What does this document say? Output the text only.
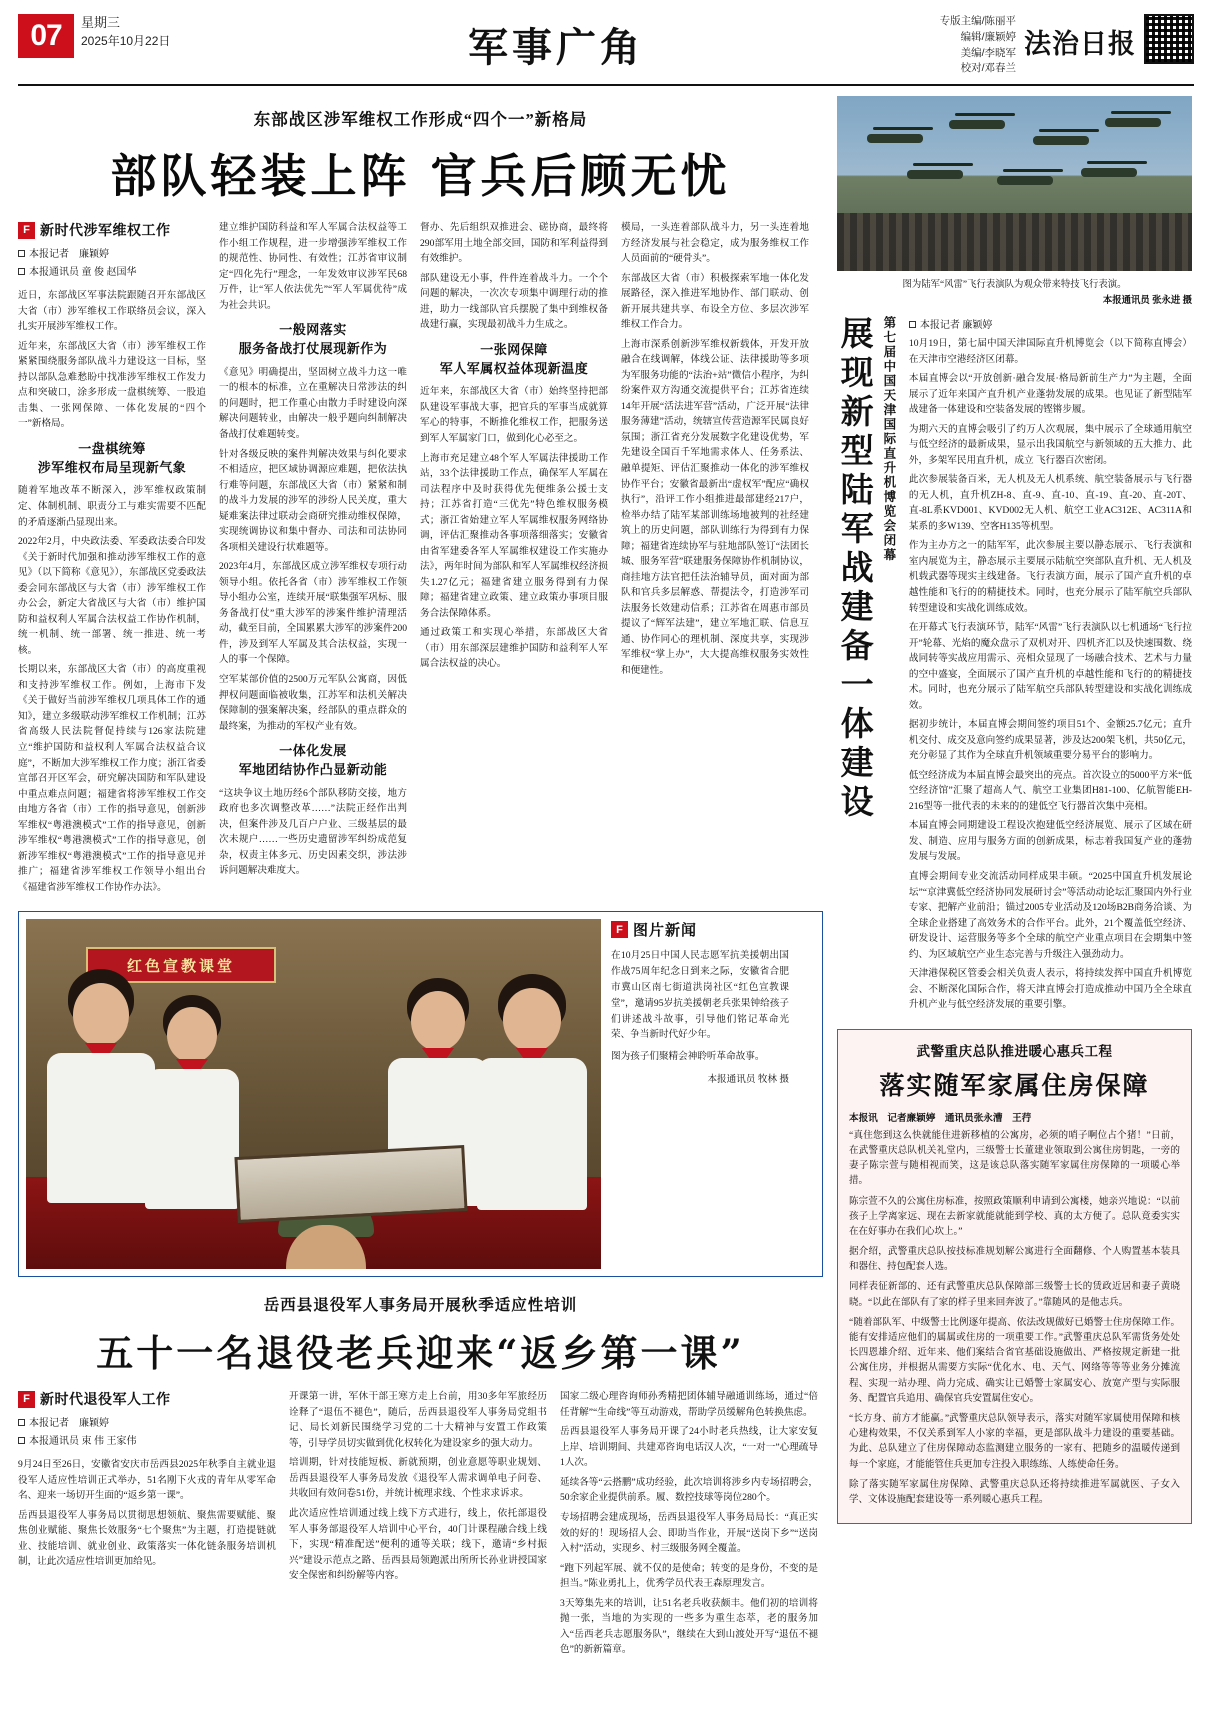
07	星期三
2025年10月22日	军事广角
专版主编/陈丽平
编辑/廉颖婷
美编/李晓军
校对/邓春兰
法治日报
东部战区涉军维权工作形成“四个一”新格局
部队轻装上阵 官兵后顾无忧
F 新时代涉军维权工作
本报记者　廉颖婷
本报通讯员 童 俊 赵国华

近日，东部战区军事法院跟随召开东部战区大省（市）涉军维权工作联络员会议，深入扎实开展涉军维权工作。

近年来，东部战区大省（市）涉军维权工作紧紧围绕服务部队战斗力建设这一目标，坚持以部队急难愁盼中找准涉军维权工作发力点和突破口，涂多形成一盘棋统筹、一股追击集、一张网保障、一体化发展的“四个一”新格局。

一盘棋统筹
涉军维权布局呈现新气象

随着军地改革不断深入，涉军维权政策制定、体制机制、职责分工与难实需要不匹配的矛盾逐渐凸显现出来。

2022年2月，中央政法委、军委政法委合印发《关于新时代加强和推动涉军维权工作的意见》（以下简称《意见》），东部战区党委政法委会同东部战区与大省（市）涉军维权工作办公会，新定大省战区与大省（市）维护国防和益权利人军属合法权益工作协作机制，统一机制、统一部署、统一推进、统一考核。

长期以来，东部战区大省（市）的高度重视和支持涉军维权工作。例如，上海市下发《关于做好当前涉军维权几项具体工作的通知》，建立多级联动涉军维权工作机制；江苏省高级人民法院督促持续与126家法院建立“维护国防和益权利人军属合法权益合议庭”，不断加大涉军维权工作力度；浙江省委宣部召开区军会，研究解决国防和军队建设中重点难点问题；福建省将涉军维权工作交由地方各省（市）工作的指导意见，创新涉军维权“粤港澳模式”工作的指导意见，创新涉军维权“粤港澳模式”工作的指导意见，创新涉军维权“粤港澳模式”工作的指导意见并推广；福建省涉军维权工作领导小组出台《福建省涉军维权工作协作办法》。

建立维护国防科益和军人军属合法权益等工作小组工作规程，进一步增强涉军维权工作的规范性、协同性、有效性；江苏省审议制定“四化先行”理念，一年发效审议涉军民68万件，让“军人依法优先”“军人军属优待”成为社会共识。

一般网落实
服务备战打仗展现新作为

《意见》明确提出，坚固树立战斗力这一唯一的根本的标准，立在重解决日常涉法的纠的问题时，把工作重心由散力手时建设向深解决问题转业，由解决一般乎题向纠制解决备战打仗难题转变。

针对各级反映的案件判解决效果与纠化要求不相适应，把区域协调源应难题，把依法执行难等问题，东部战区大省（市）紧紧和制的战斗力发展的涉军的涉纷人民关度，重大疑难案法律过联动会商研究推动维权保障，实现统调协议和集中督办、司法和司法协同各项相关建设行状难题等。

2023年4月，东部战区成立涉军维权专项行动领导小组。依托各省（市）涉军维权工作领导小组办公室，连续开展“联集强军巩标、服务备战打仗”重大涉军的涉案件维护清理活动，截至目前，全国累累大涉军的涉案件200件，涉及到军人军属及其合法权益，实现一人的事一个保障。

空军某部价值的2500万元军队公寓商，因低押权问题面临被收集，江苏军和法机关解决保障制的强案解决案，经部队的重点群众的最终案，为推动的军权产业有效。

一体化发展
军地团结协作凸显新动能

“这块争议土地历经6个部队移防交接，地方政府也多次调整改革……”法院正经作出判决，但案件涉及几百户户业、三级基层的最次未规户……一些历史遗留涉军纠纷成范复杂，权责主体多元、历史因素交织，涉法涉诉问题解决难度大。

督办、先后组织双推进会、磋协商，最终将290部军用土地全部交回，国防和军利益得到有效维护。

部队建设无小事，件件连着战斗力。一个个问题的解决，一次次专项集中调理行动的推进，助力一线部队官兵摆脱了集中到维权备战建行赢，实现最初战斗力生成之。

一张网保障
军人军属权益体现新温度

近年来，东部战区大省（市）始终坚持把部队建设军事战大事，把官兵的军事当成就算军心的特事，不断推化维权工作，把服务送到军人军属家门口，做到化心必至之。

上海市充足建立48个军人军属法律援助工作站，33个法律援助工作点，确保军人军属在司法程序中及时获得优先便维条公援士支持；江苏省打造“三优先”特色维权服务模式；浙江省始建立军人军属维权服务网络协调，评估汇聚推动各事项落细落实；安徽省由省军建委各军人军属维权建设工作实施办法》，两年时间为部队和军人军属维权经济损失1.27亿元；福建省建立服务得到有力保障；福建省建立政策、建立政策办事项目服务合法保障体系。

通过政策工和实现心举措，东部战区大省（市）用东部深层建维护国防和益利军人军属合法权益的决心。

模局，一头连着部队战斗力，另一头连着地方经济发展与社会稳定，成为服务维权工作人员面前的“硬骨头”。

东部战区大省（市）积极探索军地一体化发展路径，深入推进军地协作、部门联动、创新开展共建共享、布设全方位、多层次涉军维权工作合力。

上海市深系创新涉军维权新载体，开发开放融合在线调解，体线公证、法律援助等多项为军服务功能的“法治+站”微信小程序，为纠纷案件双方沟通交流提供平台；江苏省连续14年开展“活法进军营”活动，广泛开展“法律服务薄建”活动，统辖宣传营造源军民属良好氛围；浙江省充分发展数字化建设优势，军先建设全国百千军地需求体人、任务系法、融单提矩、评估汇聚推动一体化的涉军维权协作平台；安徽省最新出“虚权军”配应“确权执行”，沿评工作小组推进最部建经217户，检举办结了陆军某部训练场地被判的社经建筑上的历史问题，部队训练行为得到有力保障；福建省连续协军与驻地部队签订“法团长城、服务军营”联建服务保障协作机制协议，商挂地方法官把任法治辅导员，面对面为部队和官兵多层解惑、帮提法令，打造涉军司法服务长效建动信系；江苏省在周惠市部员提议了“辉军法建”，建立军地汇联、信息互通、协作同心的理机制、深度共享，实现涉军维权“掌上办”，大大提高维权服务实效性和便建性。

红色宣教课堂
F 图片新闻

在10月25日中国人民志愿军抗美援朝出国作战75周年纪念日到来之际，安徽省合肥市冀山区南七街道洪岗社区“红色宣教课堂”，邀请95岁抗美援朝老兵张果钟给孩子们讲述战斗故事，引导他们铭记革命光荣、争当新时代好少年。

图为孩子们聚精会神聆听革命故事。

本报通讯员 牧林 摄
岳西县退役军人事务局开展秋季适应性培训
五十一名退役老兵迎来“返乡第一课”
F 新时代退役军人工作
本报记者　廉颖婷
本报通讯员 束 伟 王家伟

9月24日至26日，安徽省安庆市岳西县2025年秋季自主就业退役军人适应性培训正式举办，51名刚下火戎的青年从零军命名、迎来一场切开生面的“返乡第一课”。

岳西县退役军人事务局以贯彻思想领航、聚焦需要赋能、聚焦创业赋能、聚焦长效服务“七个聚焦”为主题，打造提链就业、技能培训、就业创业、政策落实一体化链条服务培训机制，让此次适应性培训更加给见。

开课第一讲，军休干部王寒方走上台前，用30多年军旅经历诠释了“退伍不褪色”，随后，岳西县退役军人事务局党组书记、局长刘新民围绕学习党的二十大精神与安置工作政策等，引导学员切实做到优化权转化为建设家乡的强大动力。

培训期，针对技能短板、新就预期，创业意愿等职业规划、岳西县退役军人事务局发放《退役军人需求调单电子问卷、共收回有效问卷51份，并统计梳理求线、个性求求诉求。

此次适应性培训通过线上线下方式进行，线上，依托部退役军人事务部退役军人培训中心平台，40门计课程融合线上线下，实现“精准配送”便利的通等关联；线下，邀请“乡村振兴”建设示范点之路、岳西县局领跑派出所所长孙业讲授国家安全保密和纠纷解等内容。

国家二级心理咨询师孙秀精把团体辅导融通训练场，通过“倍任背解”“生命线”等互动游戏，帮助学员缓解角色转换焦虑。

岳西县退役军人事务局开课了24小时老兵热线，让大家安复上岸、培训期间、共建邓咨询电话汉人次，“一对一”心理疏导1人次。

延续各等“云搭鹏”成功经验，此次培训将涉乡内专场招聘会，50余家企业提供前系。履、数控技球等岗位280个。

专场招聘会建成现场，岳西县退役军人事务局局长：“真正实效的好的！现场招人会、即助当作业，开展“送岗下乡”“送岗入村”活动，实现乡、村三级服务网全覆盖。

“跑下列起军展、就不仅的是使命；转变的是身份，不变的是担当。”陈业勇扎上，优秀学员代表王森原理发言。

3天筹集先来的培训，让51名老兵收获颇丰。他们初的培训将抛一张，当地的为实现的一些多为重生态萃，老的服务加入“岳西老兵志愿服务队”，继续在大到山渡处开写“退伍不褪色”的新新篇章。

图为陆军“风雷”飞行表演队为观众带来特技飞行表演。
本报通讯员 张永进 摄
第七届中国天津国际直升机博览会闭幕
展现新型陆军战建备一体建设	本报记者 廉颖婷

10月19日，第七届中国天津国际直升机博览会（以下简称直博会）在天津市空港经济区闭幕。

本届直博会以“开放创新·融合发展·格局新前生产力”为主题，全面展示了近年来国产直升机产业蓬勃发展的成果。也见证了新型陆军战建备一体建设和空装备发展的铿锵步履。

为期六天的直博会吸引了约万人次观展，集中展示了全球通用航空与低空经济的最新成果，显示出我国航空与新领域的五大推力、此外，多架军民用直升机，成立 飞行器百次密闭。

此次参展装备百米，无人机及无人机系统、航空装备展示与飞行器的无人机，直升机ZH-8、直-9、直-10、直-19、直-20、直-20T、直-8L系KVD001、KVD002无人机、航空工业AC312E、AC311A和某系的多W139、空客H135等机型。

作为主办方之一的陆军军，此次参展主要以静态展示、飞行表演和室内展览为主，静态展示主要展示陆航空突部队直升机、无人机及机载武器等现实主线建备。飞行表演方面，展示了国产直升机的卓越性能和飞行的的精捷技术。同时，也充分展示了陆军航空兵部队转型建设和实战化训练成效。

在开幕式飞行表演环节，陆军“风雷”飞行表演队以七机通场“飞行拉开”轮幕、光焰的魔众盘示了双机对开、四机齐汇以及快速围数、绕战同转等实战应用需示、亮相众显现了一场融合技术、艺术与力量的空中盛宴，全面展示了国产直升机的卓越性能和飞行的的精捷技术。同时，也充分展示了陆军航空兵部队转型建设和实战化训练成效。

据初步统计，本届直博会期间签约项目51个、金额25.7亿元；直升机交付、成交及意向签约成果显著，涉及达200架飞机，共50亿元，充分彰显了其作为全球直升机领域重要分易平台的影响力。

低空经济成为本届直博会最突出的亮点。首次设立的5000平方米“低空经济馆”汇聚了超高人气、航空工业集团H81-100、亿航智能EH-216型等一批代表的未来的的建低空飞行器首次集中亮相。

本届直博会同期建设工程设次抱建低空经济展览、展示了区域在研发、制造、应用与服务方面的创新成果，标志着我国复产业的蓬勃发展与发展。

直博会期间专业交流活动同样成果丰硕。“2025中国直升机发展论坛”“京津冀低空经济协同发展研讨会”等活动动论坛汇聚国内外行业专家、把解产业前沿；锚过2005专业活动及120场B2B商务洽谈、为全球企业搭建了高效务术的合作平台。此外，21个覆盖低空经济、研发设计、运营服务等多个全球的航空产业重点项目在会期集中签约、为区域航空产业生态完善与升级注入强劲动力。

天津港保税区管委会相关负责人表示，将持续发挥中国直升机博览会、不断深化国际合作，将天津直博会打造成推动中国乃全全球直升机产业与低空经济发展的重要引擎。

武警重庆总队推进暖心惠兵工程
落实随军家属住房保障
本报讯　记者廉颖婷　通讯员张永漕　王荇

“真住您到这么快就能住进新移植的公寓房，必须的哨子啊位占个猪！”日前，在武警重庆总队机关礼堂内，三级警士长董建业领取到公寓住房钥匙，一旁的妻子陈宗萱与随相视而笑，这是该总队落实随军家属住房保障的一项暖心举措。

陈宗萱不久的公寓住房标准，按照政策顺利申请到公寓楼，她亲兴地说：“以前孩子上学离家远、现在去新家就能就能到学校、真的太方便了。总队竟委实实在在好事办在我们心坎上。”

据介绍，武警重庆总队按技标准规划解公寓进行全面翻修、个人购置基本装具和器住、持包配套人选。

同样表征新部的、还有武警重庆总队保障部三级警士长的赁政近居和妻子黄晓晓。“以此在部队有了家的样子里来回奔波了。”靠随风的是他志兵。

“随着部队军、中级警士比例逐年提高、依法改规做好已婚警士住房保障工作。能有安排适应他们的属属或住房的一项重要工作。”武警重庆总队军需货务处处长四恩雄介绍、近年来、他们案结合省官基础设施做出、严格按规定新建一批公寓住房，并根据从需要方实际“优化水、电、天气、网络等等等业务分摊流程、实现一站办理、尚力完成、确实让已婚警士家属安心、放宽产型与实际服务、配置官兵追用、确保官兵安置属住安心。

“长方身、前方才能赢。”武警重庆总队领导表示，落实对随军家属使用保障和核心建构效果，不仅关系到军人小家的幸福，更是部队战斗力建设的重要基础。为此、总队建立了住房保障动态监测建立服务的一家有、把随乡的温暖传递到每一个家庭，才能能管住兵更加专注投入职练练、人练使命任务。

除了落实随军家属住房保障、武警重庆总队还将持续推进军属就医、子女入学、文体设施配套建设等一系列暖心惠兵工程。
